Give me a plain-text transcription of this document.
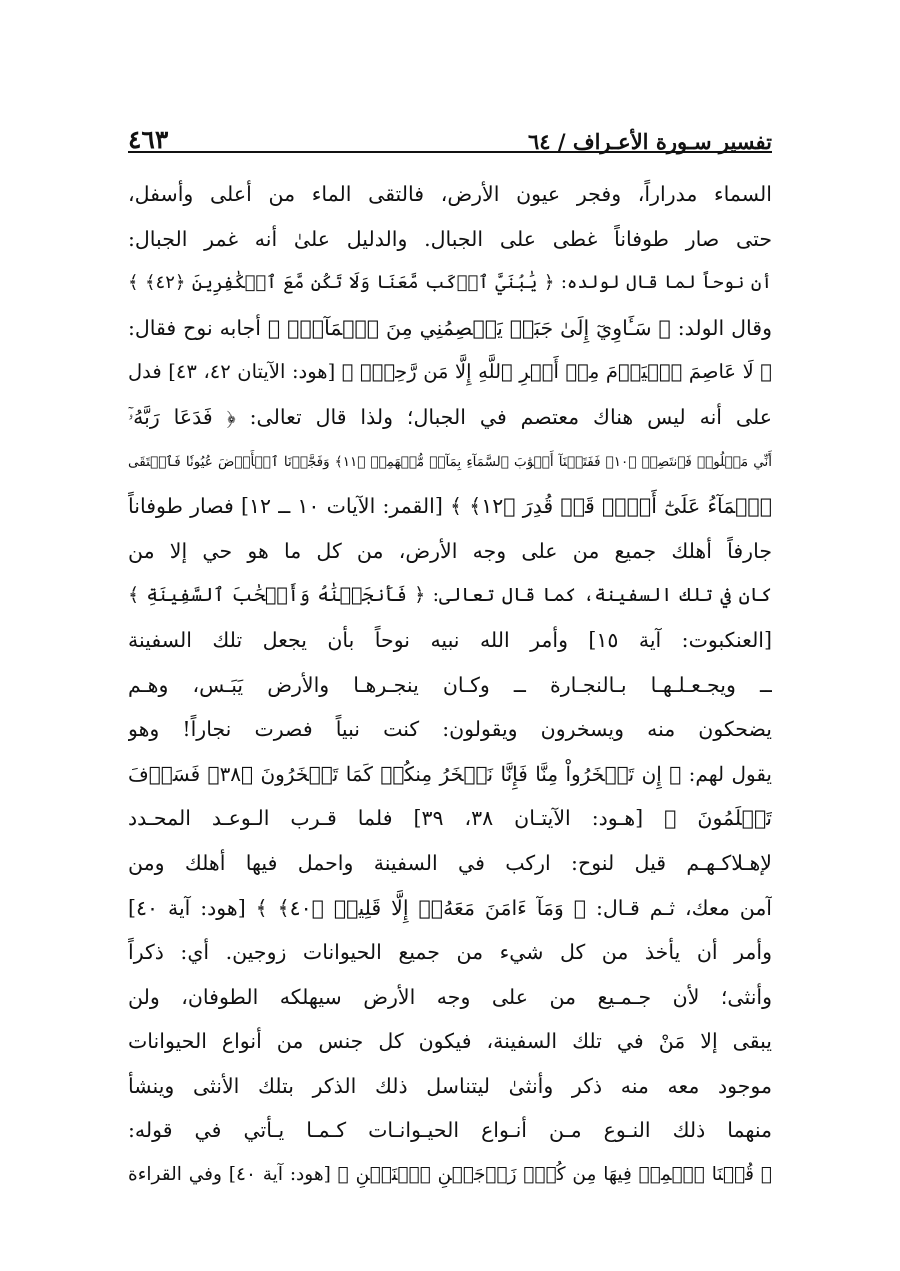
تفسير سـورة الأعـراف / ٦٤
٤٦٣
السماء مدراراً، وفجر عيون الأرض، فالتقى الماء من أعلى وأسفل،
حتى صار طوفاناً غطى على الجبال. والدليل علىٰ أنه غمر الجبال:
أن نوحاً لما قال لولده: ﴿ يَٰبُنَيَّ ٱرۡكَب مَّعَنَا وَلَا تَكُن مَّعَ ٱلۡكَٰفِرِينَ ﴿٤٢﴾ ﴾
وقال الولد: ﴿ سَـَٔاوِيٓ إِلَىٰ جَبَلٖ يَعۡصِمُنِي مِنَ ٱلۡمَآءِۚ ﴾ أجابه نوح فقال:
﴿ لَا عَاصِمَ ٱلۡيَوۡمَ مِنۡ أَمۡرِ ٱللَّهِ إِلَّا مَن رَّحِمَۚ ﴾ [هود: الآيتان ٤٢، ٤٣] فدل
على أنه ليس هناك معتصم في الجبال؛ ولذا قال تعالى: ﴿ فَدَعَا رَبَّهُۥٓ
أَنِّي مَغۡلُوبٞ فَٱنتَصِرۡ ﴿١٠﴾ فَفَتَحۡنَآ أَبۡوَٰبَ ٱلسَّمَآءِ بِمَآءٖ مُّنۡهَمِرٖ ﴿١١﴾ وَفَجَّرۡنَا ٱلۡأَرۡضَ عُيُونٗا فَٱلۡتَقَى
ٱلۡمَآءُ عَلَىٰٓ أَمۡرٖ قَدۡ قُدِرَ ﴿١٢﴾ ﴾ [القمر: الآيات ١٠ ــ ١٢] فصار طوفاناً
جارفاً أهلك جميع من على وجه الأرض، من كل ما هو حي إلا من
كان في تلك السفينة، كما قال تعالى: ﴿ فَأَنجَيۡنَٰهُ وَأَصۡحَٰبَ ٱلسَّفِينَةِ ﴾
[العنكبوت: آية ١٥] وأمر الله نبيه نوحاً بأن يجعل تلك السفينة
ــ ويجـعـلـهـا بـالنجـارة ــ وكـان ينجـرهـا والأرض يَبَـس، وهـم
يضحكون منه ويسخرون ويقولون: كنت نبياً فصرت نجاراً! وهو
يقول لهم: ﴿ إِن تَسۡخَرُواْ مِنَّا فَإِنَّا نَسۡخَرُ مِنكُمۡ كَمَا تَسۡخَرُونَ ﴿٣٨﴾ فَسَوۡفَ
تَعۡلَمُونَ ﴾ [هـود: الآيتـان ٣٨، ٣٩] فلما قـرب الـوعـد المحـدد
لإهـلاكـهـم قيل لنوح: اركب في السفينة واحمل فيها أهلك ومن
آمن معك، ثـم قـال: ﴿ وَمَآ ءَامَنَ مَعَهُۥٓ إِلَّا قَلِيلٞ ﴿٤٠﴾ ﴾ [هود: آية ٤٠]
وأمر أن يأخذ من كل شيء من جميع الحيوانات زوجين. أي: ذكراً
وأنثى؛ لأن جـمـيع من على وجه الأرض سيهلكه الطوفان، ولن
يبقى إلا مَنْ في تلك السفينة، فيكون كل جنس من أنواع الحيوانات
موجود معه منه ذكر وأنثىٰ ليتناسل ذلك الذكر بتلك الأنثى وينشأ
منهما ذلك النـوع مـن أنـواع الحيـوانـات كـمـا يـأتي في قوله:
﴿ قُلۡنَا ٱحۡمِلۡ فِيهَا مِن كُلّٖ زَوۡجَيۡنِ ٱثۡنَيۡنِ ﴾ [هود: آية ٤٠] وفي القراءة
